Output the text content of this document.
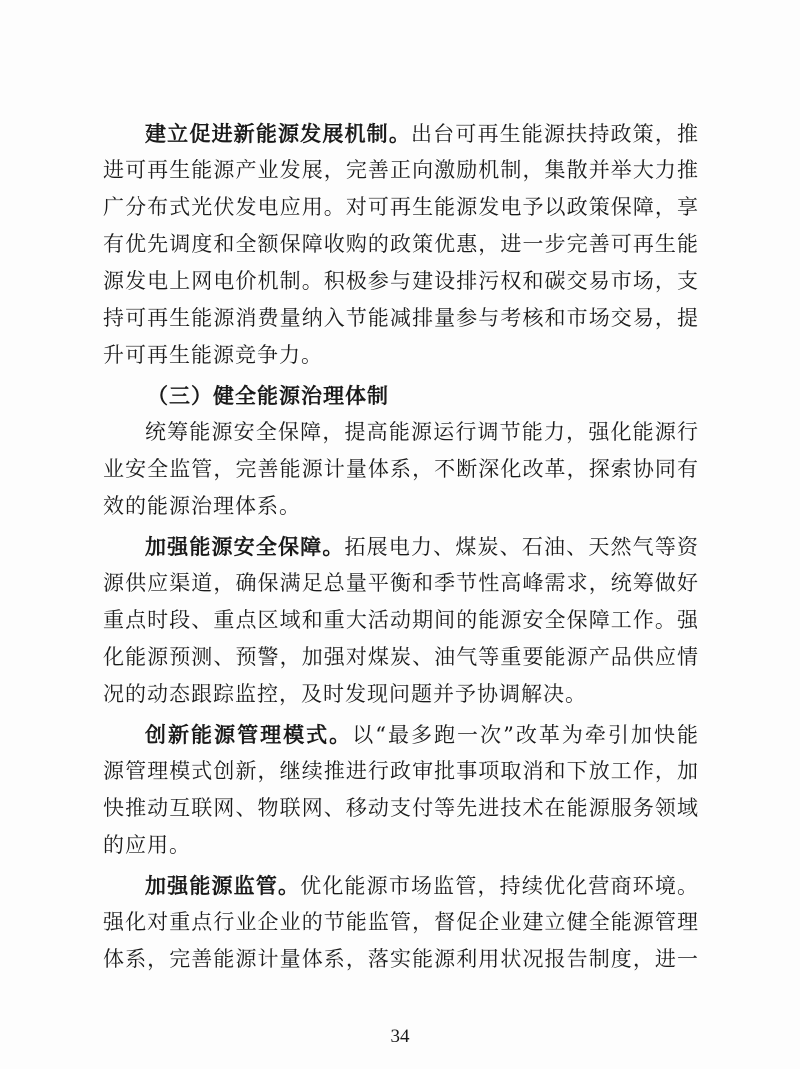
建立促进新能源发展机制。出台可再生能源扶持政策，推
进可再生能源产业发展，完善正向激励机制，集散并举大力推
广分布式光伏发电应用。对可再生能源发电予以政策保障，享
有优先调度和全额保障收购的政策优惠，进一步完善可再生能
源发电上网电价机制。积极参与建设排污权和碳交易市场，支
持可再生能源消费量纳入节能减排量参与考核和市场交易，提
升可再生能源竞争力。
（三）健全能源治理体制
统筹能源安全保障，提高能源运行调节能力，强化能源行
业安全监管，完善能源计量体系，不断深化改革，探索协同有
效的能源治理体系。
加强能源安全保障。拓展电力、煤炭、石油、天然气等资
源供应渠道，确保满足总量平衡和季节性高峰需求，统筹做好
重点时段、重点区域和重大活动期间的能源安全保障工作。强
化能源预测、预警，加强对煤炭、油气等重要能源产品供应情
况的动态跟踪监控，及时发现问题并予协调解决。
创新能源管理模式。以“最多跑一次”改革为牵引加快能
源管理模式创新，继续推进行政审批事项取消和下放工作，加
快推动互联网、物联网、移动支付等先进技术在能源服务领域
的应用。
加强能源监管。优化能源市场监管，持续优化营商环境。
强化对重点行业企业的节能监管，督促企业建立健全能源管理
体系，完善能源计量体系，落实能源利用状况报告制度，进一
34
